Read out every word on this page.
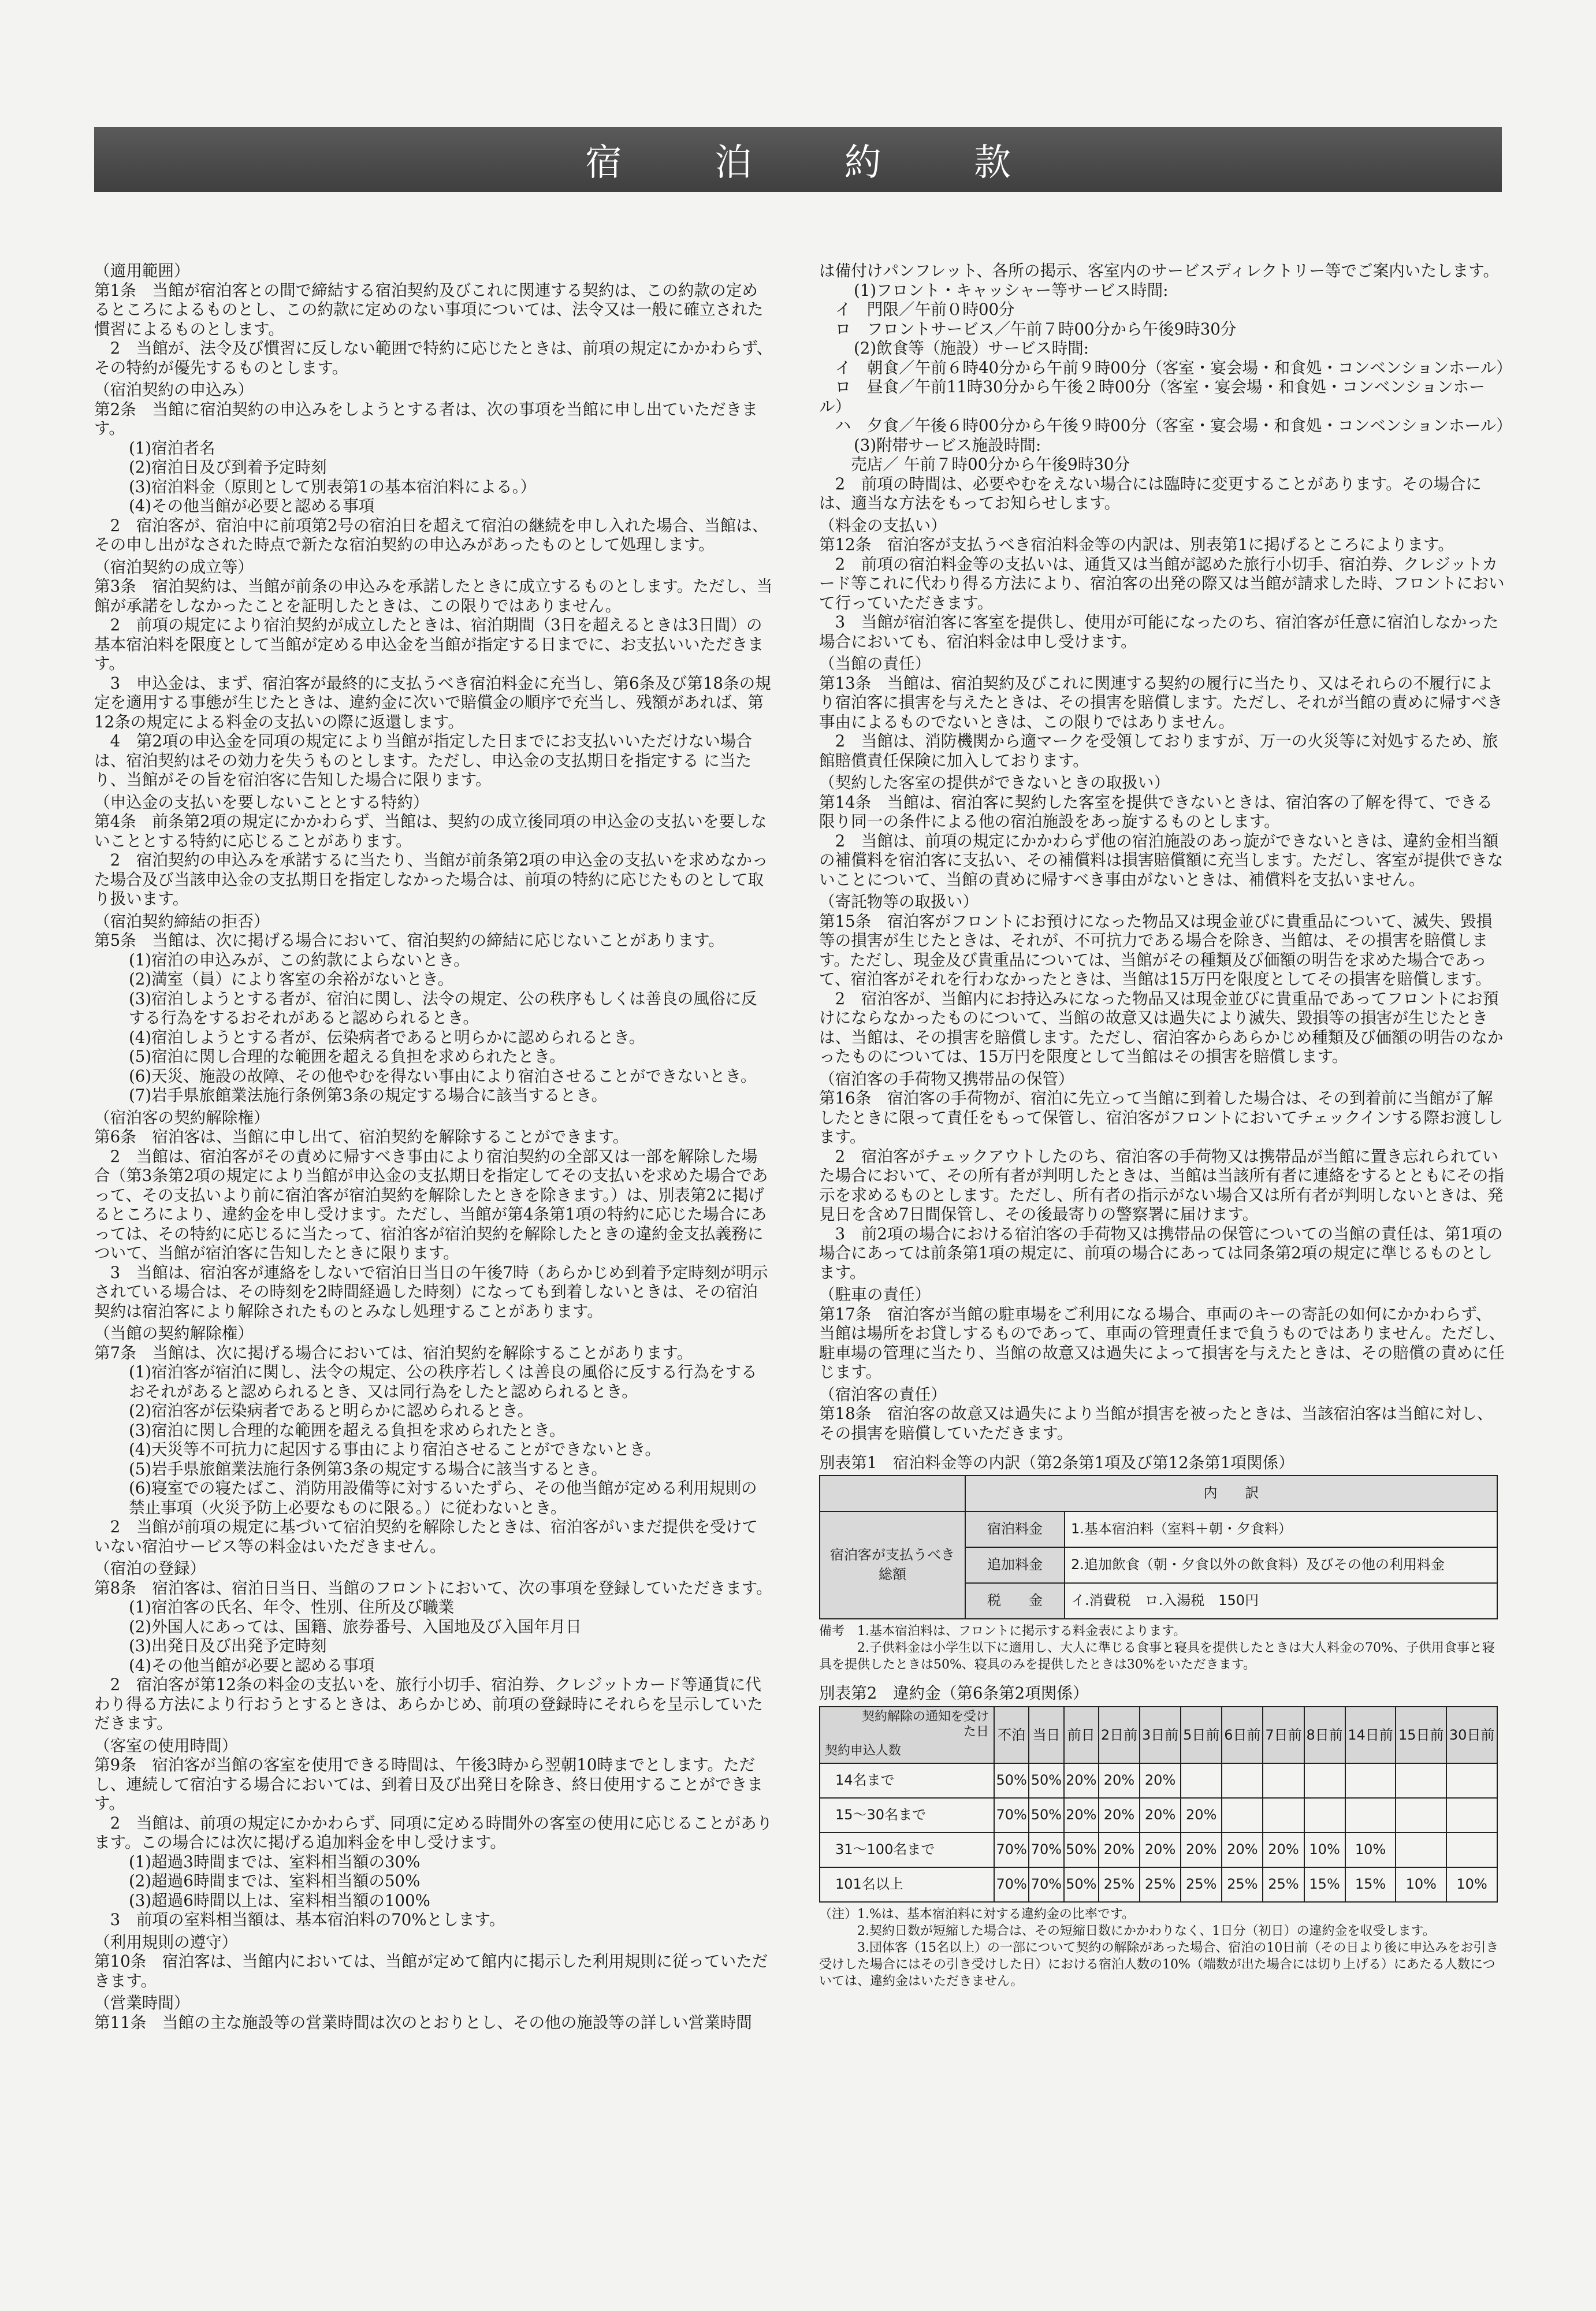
宿 泊 約 款
（適用範囲）
第1条　当館が宿泊客との間で締結する宿泊契約及びこれに関連する契約は、この約款の定めるところによるものとし、この約款に定めのない事項については、法令又は一般に確立された慣習によるものとします。
　2　当館が、法令及び慣習に反しない範囲で特約に応じたときは、前項の規定にかかわらず、その特約が優先するものとします。
（宿泊契約の申込み）
第2条　当館に宿泊契約の申込みをしようとする者は、次の事項を当館に申し出ていただきます。
(1)宿泊者名
(2)宿泊日及び到着予定時刻
(3)宿泊料金（原則として別表第1の基本宿泊料による。）
(4)その他当館が必要と認める事項
　2　宿泊客が、宿泊中に前項第2号の宿泊日を超えて宿泊の継続を申し入れた場合、当館は、その申し出がなされた時点で新たな宿泊契約の申込みがあったものとして処理します。
（宿泊契約の成立等）
第3条　宿泊契約は、当館が前条の申込みを承諾したときに成立するものとします。ただし、当館が承諾をしなかったことを証明したときは、この限りではありません。
　2　前項の規定により宿泊契約が成立したときは、宿泊期間（3日を超えるときは3日間）の基本宿泊料を限度として当館が定める申込金を当館が指定する日までに、お支払いいただきます。
　3　申込金は、まず、宿泊客が最終的に支払うべき宿泊料金に充当し、第6条及び第18条の規定を適用する事態が生じたときは、違約金に次いで賠償金の順序で充当し、残額があれば、第12条の規定による料金の支払いの際に返還します。
　4　第2項の申込金を同項の規定により当館が指定した日までにお支払いいただけない場合は、宿泊契約はその効力を失うものとします。ただし、申込金の支払期日を指定する に当たり、当館がその旨を宿泊客に告知した場合に限ります。
（申込金の支払いを要しないこととする特約）
第4条　前条第2項の規定にかかわらず、当館は、契約の成立後同項の申込金の支払いを要しないこととする特約に応じることがあります。
　2　宿泊契約の申込みを承諾するに当たり、当館が前条第2項の申込金の支払いを求めなかった場合及び当該申込金の支払期日を指定しなかった場合は、前項の特約に応じたものとして取り扱います。
（宿泊契約締結の拒否）
第5条　当館は、次に掲げる場合において、宿泊契約の締結に応じないことがあります。
(1)宿泊の申込みが、この約款によらないとき。
(2)満室（員）により客室の余裕がないとき。
(3)宿泊しようとする者が、宿泊に関し、法令の規定、公の秩序もしくは善良の風俗に反する行為をするおそれがあると認められるとき。
(4)宿泊しようとする者が、伝染病者であると明らかに認められるとき。
(5)宿泊に関し合理的な範囲を超える負担を求められたとき。
(6)天災、施設の故障、その他やむを得ない事由により宿泊させることができないとき。
(7)岩手県旅館業法施行条例第3条の規定する場合に該当するとき。
（宿泊客の契約解除権）
第6条　宿泊客は、当館に申し出て、宿泊契約を解除することができます。
　2　当館は、宿泊客がその責めに帰すべき事由により宿泊契約の全部又は一部を解除した場合（第3条第2項の規定により当館が申込金の支払期日を指定してその支払いを求めた場合であって、その支払いより前に宿泊客が宿泊契約を解除したときを除きます。）は、別表第2に掲げるところにより、違約金を申し受けます。ただし、当館が第4条第1項の特約に応じた場合にあっては、その特約に応じるに当たって、宿泊客が宿泊契約を解除したときの違約金支払義務について、当館が宿泊客に告知したときに限ります。
　3　当館は、宿泊客が連絡をしないで宿泊日当日の午後7時（あらかじめ到着予定時刻が明示されている場合は、その時刻を2時間経過した時刻）になっても到着しないときは、その宿泊契約は宿泊客により解除されたものとみなし処理することがあります。
（当館の契約解除権）
第7条　当館は、次に掲げる場合においては、宿泊契約を解除することがあります。
(1)宿泊客が宿泊に関し、法令の規定、公の秩序若しくは善良の風俗に反する行為をするおそれがあると認められるとき、又は同行為をしたと認められるとき。
(2)宿泊客が伝染病者であると明らかに認められるとき。
(3)宿泊に関し合理的な範囲を超える負担を求められたとき。
(4)天災等不可抗力に起因する事由により宿泊させることができないとき。
(5)岩手県旅館業法施行条例第3条の規定する場合に該当するとき。
(6)寝室での寝たばこ、消防用設備等に対するいたずら、その他当館が定める利用規則の禁止事項（火災予防上必要なものに限る。）に従わないとき。
　2　当館が前項の規定に基づいて宿泊契約を解除したときは、宿泊客がいまだ提供を受けていない宿泊サービス等の料金はいただきません。
（宿泊の登録）
第8条　宿泊客は、宿泊日当日、当館のフロントにおいて、次の事項を登録していただきます。
(1)宿泊客の氏名、年令、性別、住所及び職業
(2)外国人にあっては、国籍、旅券番号、入国地及び入国年月日
(3)出発日及び出発予定時刻
(4)その他当館が必要と認める事項
　2　宿泊客が第12条の料金の支払いを、旅行小切手、宿泊券、クレジットカード等通貨に代わり得る方法により行おうとするときは、あらかじめ、前項の登録時にそれらを呈示していただきます。
（客室の使用時間）
第9条　宿泊客が当館の客室を使用できる時間は、午後3時から翌朝10時までとします。ただし、連続して宿泊する場合においては、到着日及び出発日を除き、終日使用することができます。
　2　当館は、前項の規定にかかわらず、同項に定める時間外の客室の使用に応じることがあります。この場合には次に掲げる追加料金を申し受けます。
(1)超過3時間までは、室料相当額の30%
(2)超過6時間までは、室料相当額の50%
(3)超過6時間以上は、室料相当額の100%
　3　前項の室料相当額は、基本宿泊料の70%とします。
（利用規則の遵守）
第10条　宿泊客は、当館内においては、当館が定めて館内に掲示した利用規則に従っていただきます。
（営業時間）
第11条　当館の主な施設等の営業時間は次のとおりとし、その他の施設等の詳しい営業時間
は備付けパンフレット、各所の掲示、客室内のサービスディレクトリー等でご案内いたします。
(1)フロント・キャッシャー等サービス時間:
　イ　門限／午前０時00分
　ロ　フロントサービス／午前７時00分から午後9時30分
(2)飲食等（施設）サービス時間:
　イ　朝食／午前６時40分から午前９時00分（客室・宴会場・和食処・コンベンションホール）
　ロ　昼食／午前11時30分から午後２時00分（客室・宴会場・和食処・コンベンションホール）
　ハ　夕食／午後６時00分から午後９時00分（客室・宴会場・和食処・コンベンションホール）
(3)附帯サービス施設時間:
　　売店／ 午前７時00分から午後9時30分
　2　前項の時間は、必要やむをえない場合には臨時に変更することがあります。その場合には、適当な方法をもってお知らせします。
（料金の支払い）
第12条　宿泊客が支払うべき宿泊料金等の内訳は、別表第1に掲げるところによります。
　2　前項の宿泊料金等の支払いは、通貨又は当館が認めた旅行小切手、宿泊券、クレジットカード等これに代わり得る方法により、宿泊客の出発の際又は当館が請求した時、フロントにおいて行っていただきます。
　3　当館が宿泊客に客室を提供し、使用が可能になったのち、宿泊客が任意に宿泊しなかった場合においても、宿泊料金は申し受けます。
（当館の責任）
第13条　当館は、宿泊契約及びこれに関連する契約の履行に当たり、又はそれらの不履行により宿泊客に損害を与えたときは、その損害を賠償します。ただし、それが当館の責めに帰すべき事由によるものでないときは、この限りではありません。
　2　当館は、消防機関から適マークを受領しておりますが、万一の火災等に対処するため、旅館賠償責任保険に加入しております。
（契約した客室の提供ができないときの取扱い）
第14条　当館は、宿泊客に契約した客室を提供できないときは、宿泊客の了解を得て、できる限り同一の条件による他の宿泊施設をあっ旋するものとします。
　2　当館は、前項の規定にかかわらず他の宿泊施設のあっ旋ができないときは、違約金相当額の補償料を宿泊客に支払い、その補償料は損害賠償額に充当します。ただし、客室が提供できないことについて、当館の責めに帰すべき事由がないときは、補償料を支払いません。
（寄託物等の取扱い）
第15条　宿泊客がフロントにお預けになった物品又は現金並びに貴重品について、滅失、毀損等の損害が生じたときは、それが、不可抗力である場合を除き、当館は、その損害を賠償します。ただし、現金及び貴重品については、当館がその種類及び価額の明告を求めた場合であって、宿泊客がそれを行わなかったときは、当館は15万円を限度としてその損害を賠償します。
　2　宿泊客が、当館内にお持込みになった物品又は現金並びに貴重品であってフロントにお預けにならなかったものについて、当館の故意又は過失により滅失、毀損等の損害が生じたときは、当館は、その損害を賠償します。ただし、宿泊客からあらかじめ種類及び価額の明告のなかったものについては、15万円を限度として当館はその損害を賠償します。
（宿泊客の手荷物又携帯品の保管）
第16条　宿泊客の手荷物が、宿泊に先立って当館に到着した場合は、その到着前に当館が了解したときに限って責任をもって保管し、宿泊客がフロントにおいてチェックインする際お渡しします。
　2　宿泊客がチェックアウトしたのち、宿泊客の手荷物又は携帯品が当館に置き忘れられていた場合において、その所有者が判明したときは、当館は当該所有者に連絡をするとともにその指示を求めるものとします。ただし、所有者の指示がない場合又は所有者が判明しないときは、発見日を含め7日間保管し、その後最寄りの警察署に届けます。
　3　前2項の場合における宿泊客の手荷物又は携帯品の保管についての当館の責任は、第1項の場合にあっては前条第1項の規定に、前項の場合にあっては同条第2項の規定に準じるものとします。
（駐車の責任）
第17条　宿泊客が当館の駐車場をご利用になる場合、車両のキーの寄託の如何にかかわらず、当館は場所をお貸しするものであって、車両の管理責任まで負うものではありません。ただし、駐車場の管理に当たり、当館の故意又は過失によって損害を与えたときは、その賠償の責めに任じます。
（宿泊客の責任）
第18条　宿泊客の故意又は過失により当館が損害を被ったときは、当該宿泊客は当館に対し、その損害を賠償していただきます。
別表第1　宿泊料金等の内訳（第2条第1項及び第12条第1項関係）
	内　　訳	
宿泊客が支払うべき総額	宿泊料金	1.基本宿泊料（室料＋朝・夕食料）
	追加料金	2.追加飲食（朝・夕食以外の飲食料）及びその他の利用料金
	税　　金	イ.消費税　ロ.入湯税　150円
備考　1.基本宿泊料は、フロントに掲示する料金表によります。
　　　2.子供料金は小学生以下に適用し、大人に準じる食事と寝具を提供したときは大人料金の70%、子供用食事と寝具を提供したときは50%、寝具のみを提供したときは30%をいただきます。
別表第2　違約金（第6条第2項関係）
契約解除の通知を受けた日
契約申込人数	不泊	当日	前日	2日前	3日前	5日前	6日前	7日前	8日前	14日前	15日前	30日前
14名まで	50%	50%	20%	20%	20%							
15～30名まで	70%	50%	20%	20%	20%	20%						
31～100名まで	70%	70%	50%	20%	20%	20%	20%	20%	10%	10%		
101名以上	70%	70%	50%	25%	25%	25%	25%	25%	15%	15%	10%	10%
（注）1.%は、基本宿泊料に対する違約金の比率です。
　　　2.契約日数が短縮した場合は、その短縮日数にかかわりなく、1日分（初日）の違約金を収受します。
　　　3.団体客（15名以上）の一部について契約の解除があった場合、宿泊の10日前（その日より後に申込みをお引き受けした場合にはその引き受けした日）における宿泊人数の10%（端数が出た場合には切り上げる）にあたる人数については、違約金はいただきません。
